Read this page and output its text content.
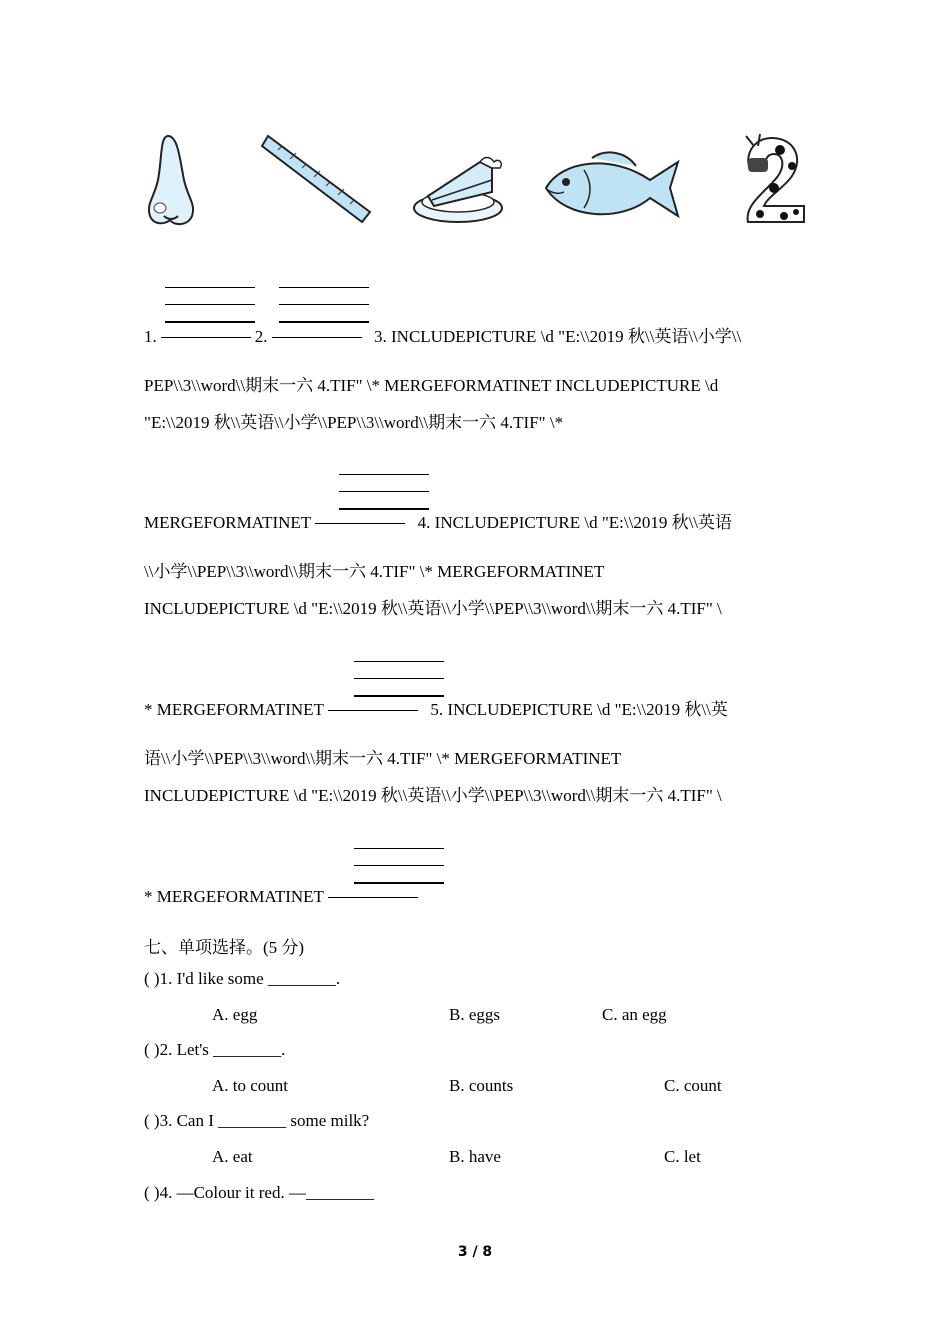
1.	2.	3. INCLUDEPICTURE \d "E:\\2019 秋\\英语\\小学\\
PEP\\3\\word\\期末一六 4.TIF" \* MERGEFORMATINET INCLUDEPICTURE \d
"E:\\2019 秋\\英语\\小学\\PEP\\3\\word\\期末一六 4.TIF" \*
MERGEFORMATINET	4. INCLUDEPICTURE \d "E:\\2019 秋\\英语
\\小学\\PEP\\3\\word\\期末一六 4.TIF" \* MERGEFORMATINET
INCLUDEPICTURE \d "E:\\2019 秋\\英语\\小学\\PEP\\3\\word\\期末一六 4.TIF" \
* MERGEFORMATINET	5. INCLUDEPICTURE \d "E:\\2019 秋\\英
语\\小学\\PEP\\3\\word\\期末一六 4.TIF" \* MERGEFORMATINET
INCLUDEPICTURE \d "E:\\2019 秋\\英语\\小学\\PEP\\3\\word\\期末一六 4.TIF" \
* MERGEFORMATINET
七、单项选择。(5 分)
( )1. I'd like some ________.
A. egg	B. eggs	C. an egg
( )2. Let's ________.
A. to count	B. counts	C. count
( )3. Can I ________ some milk?
A. eat	B. have	C. let
( )4. —Colour it red. —________
3 / 8
